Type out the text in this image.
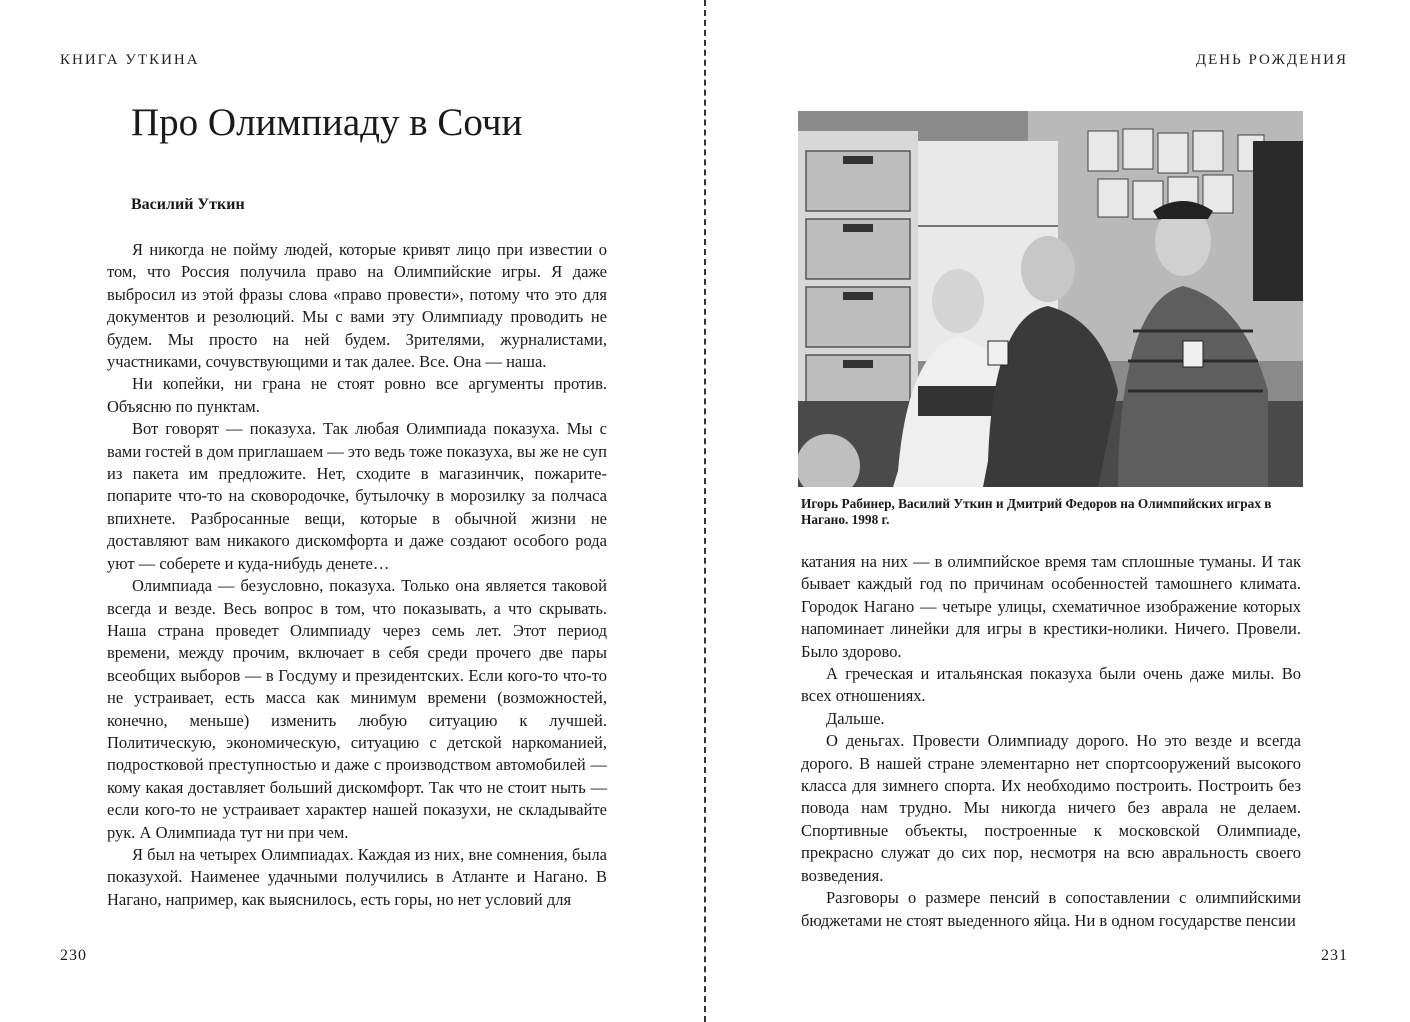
КНИГА УТКИНА
Про Олимпиаду в Сочи
Василий Уткин

Я никогда не пойму людей, которые кривят лицо при известии о том, что Россия получила право на Олимпийские игры. Я даже выбросил из этой фразы слова «право провести», потому что это для документов и резолюций. Мы с вами эту Олимпиаду проводить не будем. Мы просто на ней будем. Зрителями, журналистами, участниками, сочувствующими и так далее. Все. Она — наша.

Ни копейки, ни грана не стоят ровно все аргументы против. Объясню по пунктам.

Вот говорят — показуха. Так любая Олимпиада показуха. Мы с вами гостей в дом приглашаем — это ведь тоже показуха, вы же не суп из пакета им предложите. Нет, сходите в магазинчик, пожарите-попарите что-то на сковородочке, бутылочку в морозилку за полчаса впихнете. Разбросанные вещи, которые в обычной жизни не доставляют вам никакого дискомфорта и даже создают особого рода уют — соберете и куда-нибудь денете…

Олимпиада — безусловно, показуха. Только она является таковой всегда и везде. Весь вопрос в том, что показывать, а что скрывать. Наша страна проведет Олимпиаду через семь лет. Этот период времени, между прочим, включает в себя среди прочего две пары всеобщих выборов — в Госдуму и президентских. Если кого-то что-то не устраивает, есть масса как минимум времени (возможностей, конечно, меньше) изменить любую ситуацию к лучшей. Политическую, экономическую, ситуацию с детской наркоманией, подростковой преступностью и даже с производством автомобилей — кому какая доставляет больший дискомфорт. Так что не стоит ныть — если кого-то не устраивает характер нашей показухи, не складывайте рук. А Олимпиада тут ни при чем.

Я был на четырех Олимпиадах. Каждая из них, вне сомнения, была показухой. Наименее удачными получились в Атланте и Нагано. В Нагано, например, как выяснилось, есть горы, но нет условий для

230
ДЕНЬ РОЖДЕНИЯ
231
Игорь Рабинер, Василий Уткин и Дмитрий Федоров на Олимпийских играх в Нагано. 1998 г.

катания на них — в олимпийское время там сплошные туманы. И так бывает каждый год по причинам особенностей тамошнего климата. Городок Нагано — четыре улицы, схематичное изображение которых напоминает линейки для игры в крестики-нолики. Ничего. Провели. Было здорово.

А греческая и итальянская показуха были очень даже милы. Во всех отношениях.

Дальше.

О деньгах. Провести Олимпиаду дорого. Но это везде и всегда дорого. В нашей стране элементарно нет спортсооружений высокого класса для зимнего спорта. Их необходимо построить. Построить без повода нам трудно. Мы никогда ничего без аврала не делаем. Спортивные объекты, построенные к московской Олимпиаде, прекрасно служат до сих пор, несмотря на всю авральность своего возведения.

Разговоры о размере пенсий в сопоставлении с олимпийскими бюджетами не стоят выеденного яйца. Ни в одном государстве пенсии
